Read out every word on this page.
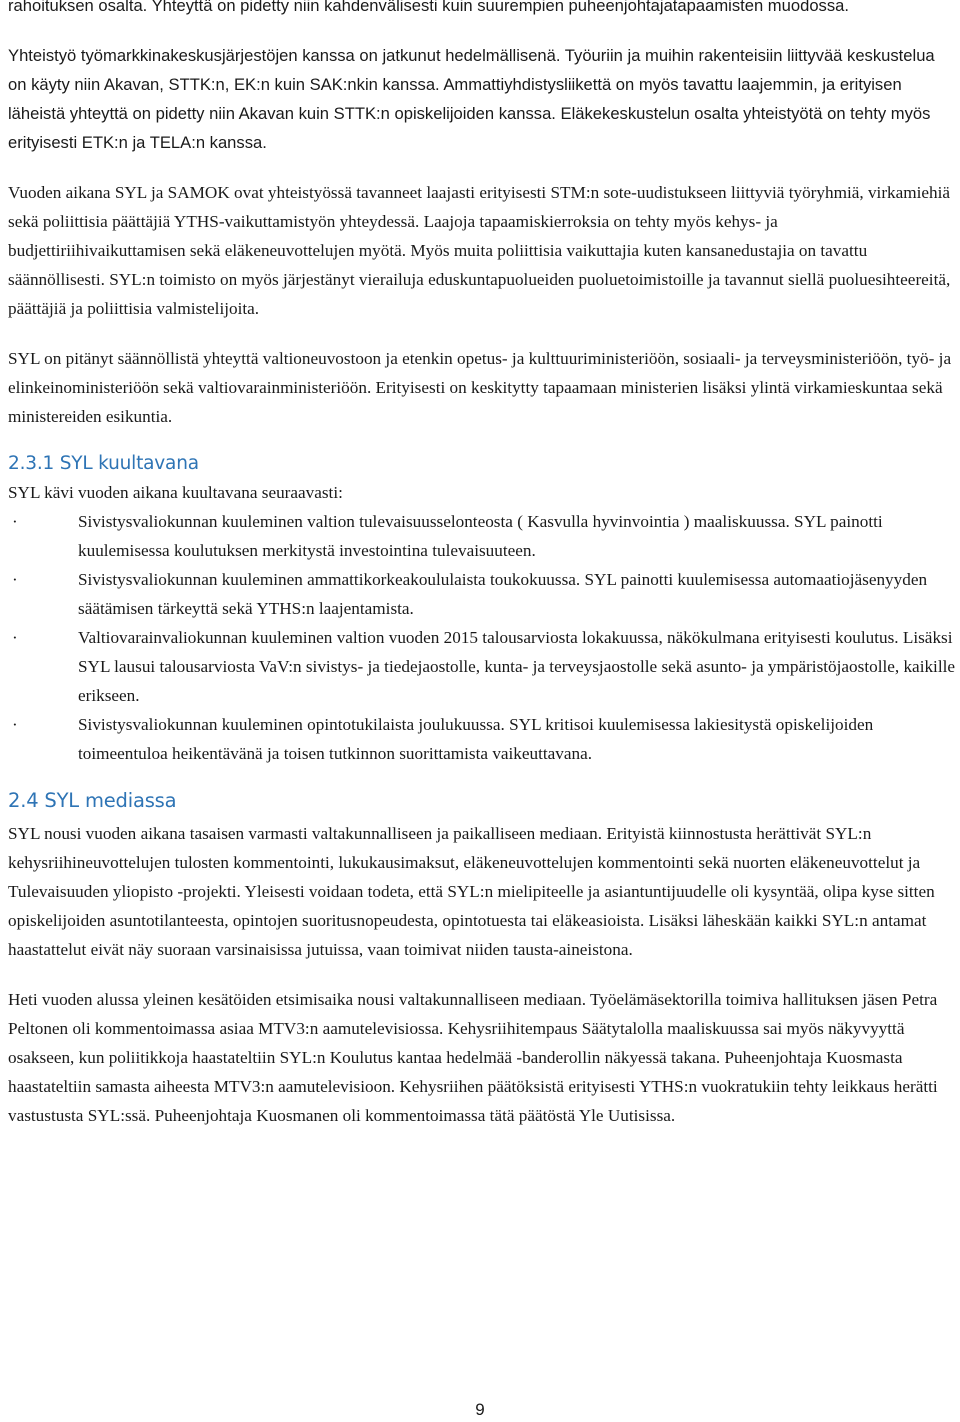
rahoituksen osalta. Yhteyttä on pidetty niin kahdenvälisesti kuin suurempien puheenjohtajatapaamisten muodossa.

Yhteistyö työmarkkinakeskusjärjestöjen kanssa on jatkunut hedelmällisenä. Työuriin ja muihin rakenteisiin liittyvää keskustelua on käyty niin Akavan, STTK:n, EK:n kuin SAK:nkin kanssa. Ammattiyhdistysliikettä on myös tavattu laajemmin, ja erityisen läheistä yhteyttä on pidetty niin Akavan kuin STTK:n opiskelijoiden kanssa. Eläkekeskustelun osalta yhteistyötä on tehty myös erityisesti ETK:n ja TELA:n kanssa.

Vuoden aikana SYL ja SAMOK ovat yhteistyössä tavanneet laajasti erityisesti STM:n sote-uudistukseen liittyviä työryhmiä, virkamiehiä sekä poliittisia päättäjiä YTHS-vaikuttamistyön yhteydessä. Laajoja tapaamiskierroksia on tehty myös kehys- ja budjettiriihivaikuttamisen sekä eläkeneuvottelujen myötä. Myös muita poliittisia vaikuttajia kuten kansanedustajia on tavattu säännöllisesti. SYL:n toimisto on myös järjestänyt vierailuja eduskuntapuolueiden puoluetoimistoille ja tavannut siellä puoluesihteereitä, päättäjiä ja poliittisia valmistelijoita.

SYL on pitänyt säännöllistä yhteyttä valtioneuvostoon ja etenkin opetus- ja kulttuuriministeriöön, sosiaali- ja terveysministeriöön, työ- ja elinkeinoministeriöön sekä valtiovarainministeriöön. Erityisesti on keskitytty tapaamaan ministerien lisäksi ylintä virkamieskuntaa sekä ministereiden esikuntia.

2.3.1 SYL kuultavana

SYL kävi vuoden aikana kuultavana seuraavasti:

·	Sivistysvaliokunnan kuuleminen valtion tulevaisuusselonteosta ( Kasvulla hyvinvointia ) maaliskuussa. SYL painotti kuulemisessa koulutuksen merkitystä investointina tulevaisuuteen.
·	Sivistysvaliokunnan kuuleminen ammattikorkeakoululaista toukokuussa. SYL painotti kuulemisessa automaatiojäsenyyden säätämisen tärkeyttä sekä YTHS:n laajentamista.
·	Valtiovarainvaliokunnan kuuleminen valtion vuoden 2015 talousarviosta lokakuussa, näkökulmana erityisesti koulutus. Lisäksi SYL lausui talousarviosta VaV:n sivistys- ja tiedejaostolle, kunta- ja terveysjaostolle sekä asunto- ja ympäristöjaostolle, kaikille erikseen.
·	Sivistysvaliokunnan kuuleminen opintotukilaista joulukuussa. SYL kritisoi kuulemisessa lakiesitystä opiskelijoiden toimeentuloa heikentävänä ja toisen tutkinnon suorittamista vaikeuttavana.
2.4 SYL mediassa

SYL nousi vuoden aikana tasaisen varmasti valtakunnalliseen ja paikalliseen mediaan. Erityistä kiinnostusta herättivät SYL:n kehysriihineuvottelujen tulosten kommentointi, lukukausimaksut, eläkeneuvottelujen kommentointi sekä nuorten eläkeneuvottelut ja Tulevaisuuden yliopisto -projekti. Yleisesti voidaan todeta, että SYL:n mielipiteelle ja asiantuntijuudelle oli kysyntää, olipa kyse sitten opiskelijoiden asuntotilanteesta, opintojen suoritusnopeudesta, opintotuesta tai eläkeasioista. Lisäksi läheskään kaikki SYL:n antamat haastattelut eivät näy suoraan varsinaisissa jutuissa, vaan toimivat niiden tausta-aineistona.

Heti vuoden alussa yleinen kesätöiden etsimisaika nousi valtakunnalliseen mediaan. Työelämäsektorilla toimiva hallituksen jäsen Petra Peltonen oli kommentoimassa asiaa MTV3:n aamutelevisiossa. Kehysriihitempaus Säätytalolla maaliskuussa sai myös näkyvyyttä osakseen, kun poliitikkoja haastateltiin SYL:n Koulutus kantaa hedelmää -banderollin näkyessä takana. Puheenjohtaja Kuosmasta haastateltiin samasta aiheesta MTV3:n aamutelevisioon. Kehysriihen päätöksistä erityisesti YTHS:n vuokratukiin tehty leikkaus herätti vastustusta SYL:ssä. Puheenjohtaja Kuosmanen oli kommentoimassa tätä päätöstä Yle Uutisissa.

9
